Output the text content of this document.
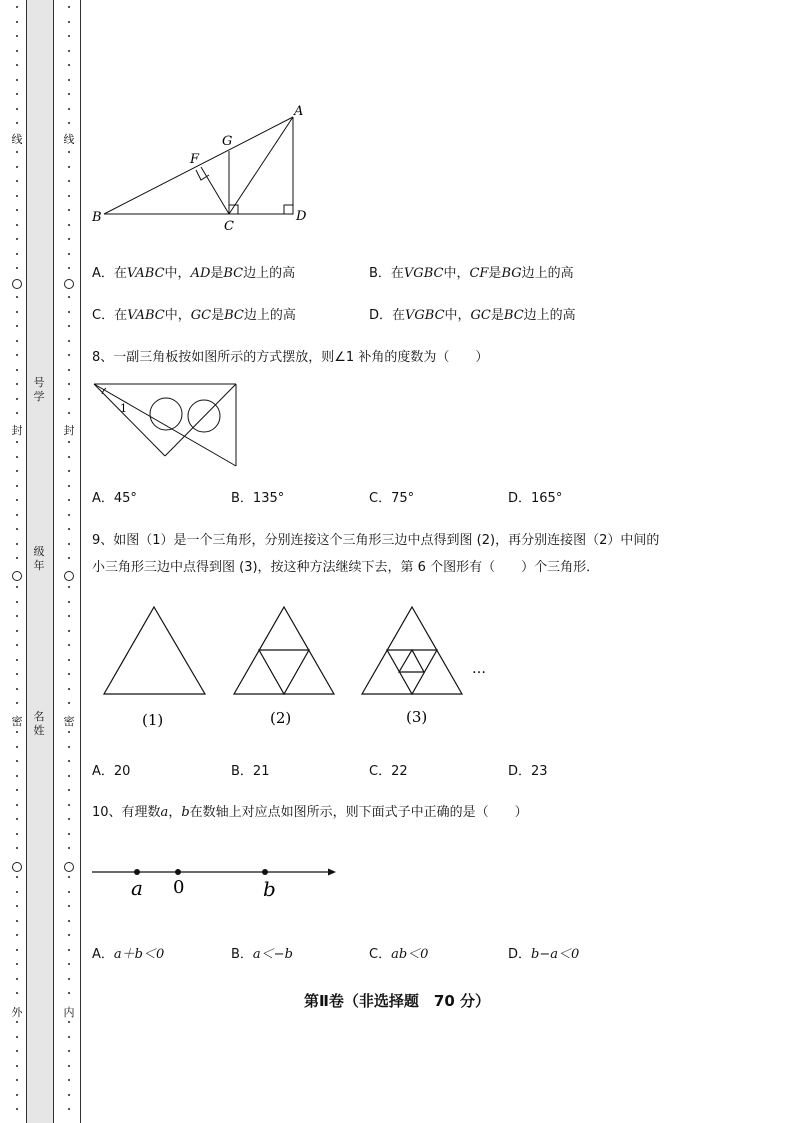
线
封
密
外
线
封
密
内
号学
级年
名姓
A
G
F
B
C
D
A．在VABC中，AD是BC边上的高	B．在VGBC中，CF是BG边上的高
C．在VABC中，GC是BC边上的高	D．在VGBC中，GC是BC边上的高
8、一副三角板按如图所示的方式摆放，则∠1 补角的度数为（　　）
1
A．45°	B．135°	C．75°	D．165°
9、如图（1）是一个三角形，分别连接这个三角形三边中点得到图 (2)，再分别连接图（2）中间的
小三角形三边中点得到图 (3)，按这种方法继续下去，第 6 个图形有（　　）个三角形．
(1)	(2)	(3)
…
A．20	B．21	C．22	D．23
10、有理数a，b在数轴上对应点如图所示，则下面式子中正确的是（　　）
a 0	b
A．a＋b＜0	B．a＜−b	C．ab＜0	D．b−a＜0
第Ⅱ卷（非选择题　70 分）
